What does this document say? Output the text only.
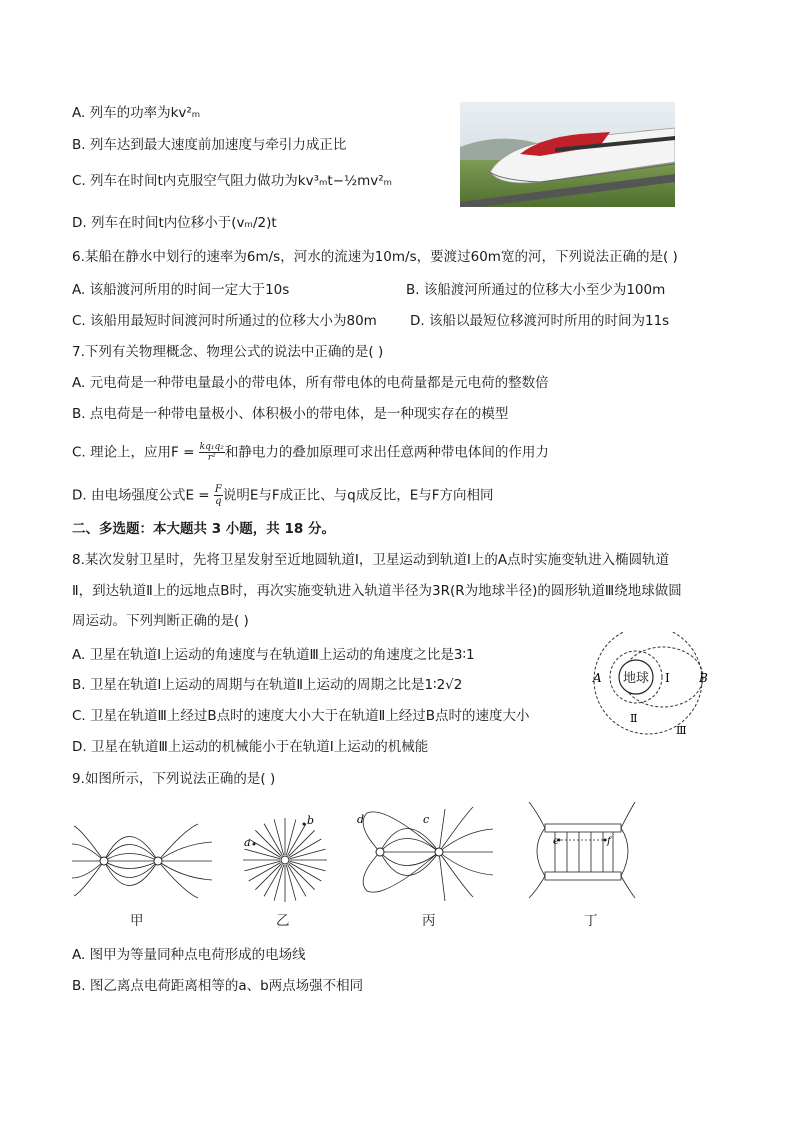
A. 列车的功率为kv²ₘ
B. 列车达到最大速度前加速度与牵引力成正比
C. 列车在时间t内克服空气阻力做功为kv³ₘt−½mv²ₘ
D. 列车在时间t内位移小于(vₘ/2)t
6.某船在静水中划行的速率为6m/s，河水的流速为10m/s，要渡过60m宽的河，下列说法正确的是( )
A. 该船渡河所用的时间一定大于10s	B. 该船渡河所通过的位移大小至少为100m
C. 该船用最短时间渡河时所通过的位移大小为80m D. 该船以最短位移渡河时所用的时间为11s
7.下列有关物理概念、物理公式的说法中正确的是( )
A. 元电荷是一种带电量最小的带电体，所有带电体的电荷量都是元电荷的整数倍
B. 点电荷是一种带电量极小、体积极小的带电体，是一种现实存在的模型
C. 理论上，应用$F = \frac{\text{kq₁q₂}}{\text{r²}}$ 和静电力的叠加原理可求出任意两种带电体间的作用力
D. 由电场强度公式$E = \frac{F}{q}$ 说明E与F成正比、与q成反比，E与F方向相同
二、多选题：本大题共 3 小题，共 18 分。
8.某次发射卫星时，先将卫星发射至近地圆轨道Ⅰ，卫星运动到轨道Ⅰ上的A点时实施变轨进入椭圆轨道
Ⅱ，到达轨道Ⅱ上的远地点B时，再次实施变轨进入轨道半径为3R(R为地球半径)的圆形轨道Ⅲ绕地球做圆
周运动。下列判断正确的是( )
A. 卫星在轨道Ⅰ上运动的角速度与在轨道Ⅲ上运动的角速度之比是3∶1
B. 卫星在轨道Ⅰ上运动的周期与在轨道Ⅱ上运动的周期之比是1∶2√2
C. 卫星在轨道Ⅲ上经过B点时的速度大小大于在轨道Ⅱ上经过B点时的速度大小
D. 卫星在轨道Ⅲ上运动的机械能小于在轨道Ⅰ上运动的机械能
地球
A	B
Ⅰ
Ⅱ
Ⅲ
9.如图所示，下列说法正确的是( )
甲
a
b
乙
d	c
丙
e	f
丁
A. 图甲为等量同种点电荷形成的电场线
B. 图乙离点电荷距离相等的a、b两点场强不相同
